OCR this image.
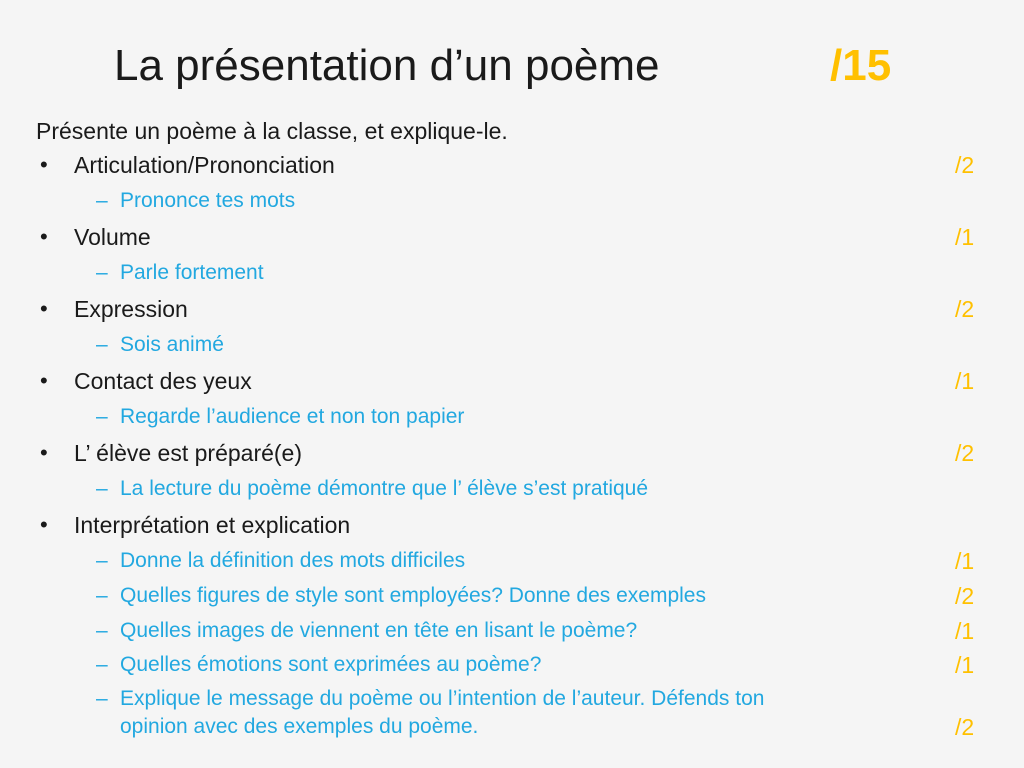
La présentation d’un poème	/15
Présente un poème à la classe, et explique-le.
• Articulation/Prononciation	/2
– Prononce tes mots
• Volume	/1
– Parle fortement
• Expression	/2
– Sois animé
• Contact des yeux	/1
– Regarde l’audience et non ton papier
• L’ élève est préparé(e)	/2
– La lecture du poème démontre que l’ élève s’est pratiqué
• Interprétation et explication
– Donne la définition des mots difficiles	/1
– Quelles figures de style sont employées? Donne des exemples	/2
– Quelles images de viennent en tête en lisant le poème?	/1
– Quelles émotions sont exprimées au poème?	/1
– Explique le message du poème ou l’intention de l’auteur. Défends ton
opinion avec des exemples du poème.	/2
